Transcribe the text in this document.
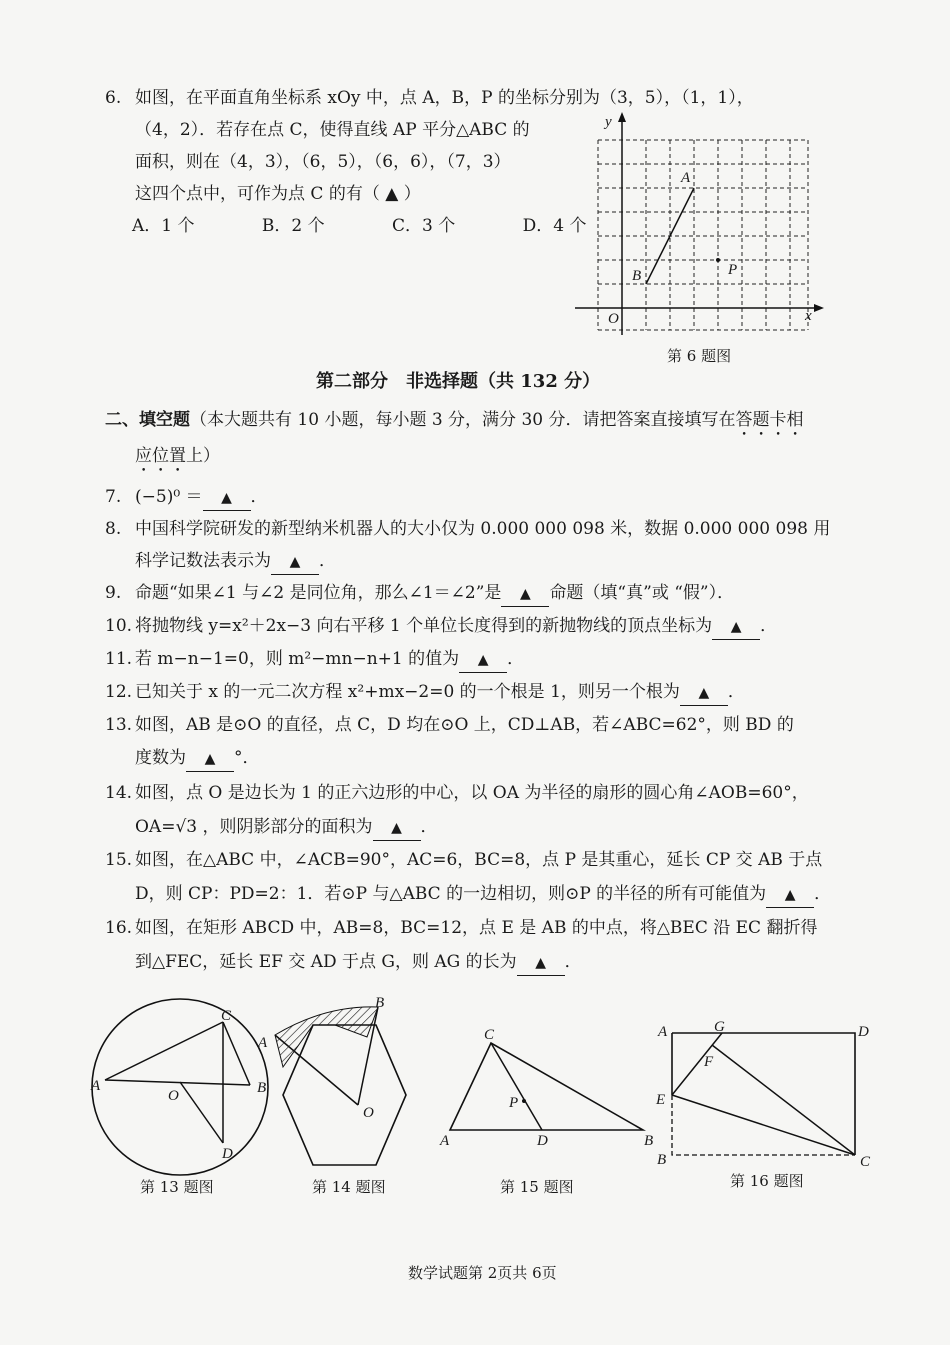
6. 如图，在平面直角坐标系 xOy 中，点 A，B，P 的坐标分别为（3，5），（1，1），
（4，2）．若存在点 C，使得直线 AP 平分△ABC 的
面积，则在（4，3），（6，5），（6，6），（7，3）
这四个点中，可作为点 C 的有（ ▲ ）
A．1 个	B．2 个	C．3 个	D．4 个
y
x
O
A
B	P
第 6 题图
第二部分　非选择题（共 132 分）
二、填空题（本大题共有 10 小题，每小题 3 分，满分 30 分．请把答案直接填写在答题卡相
应位置上）
7. (−5)⁰ ＝ ▲ ．
8. 中国科学院研发的新型纳米机器人的大小仅为 0.000 000 098 米，数据 0.000 000 098 用
科学记数法表示为 ▲ ．
9. 命题“如果∠1 与∠2 是同位角，那么∠1＝∠2”是 ▲ 命题（填“真”或 “假”）．
10. 将抛物线 y=x²＋2x−3 向右平移 1 个单位长度得到的新抛物线的顶点坐标为 ▲ ．
11. 若 m−n−1=0，则 m²−mn−n+1 的值为 ▲ ．
12. 已知关于 x 的一元二次方程 x²+mx−2=0 的一个根是 1，则另一个根为 ▲ ．
13. 如图，AB 是⊙O 的直径，点 C，D 均在⊙O 上，CD⊥AB，若∠ABC=62°，则 BD 的
度数为 ▲ °．
14. 如图，点 O 是边长为 1 的正六边形的中心，以 OA 为半径的扇形的圆心角∠AOB=60°，
OA=√3 ，则阴影部分的面积为 ▲ ．
15. 如图，在△ABC 中，∠ACB=90°，AC=6，BC=8，点 P 是其重心，延长 CP 交 AB 于点
D，则 CP：PD=2：1．若⊙P 与△ABC 的一边相切，则⊙P 的半径的所有可能值为 ▲ ．
16. 如图，在矩形 ABCD 中，AB=8，BC=12，点 E 是 AB 的中点，将△BEC 沿 EC 翻折得
到△FEC，延长 EF 交 AD 于点 G，则 AG 的长为 ▲ ．
A	B
C
D
O
第 13 题图
A
B
O
第 14 题图
A	B
C
D
P
第 15 题图
A
B	C
D
E
F
G
第 16 题图
数学试题第 2页共 6页
